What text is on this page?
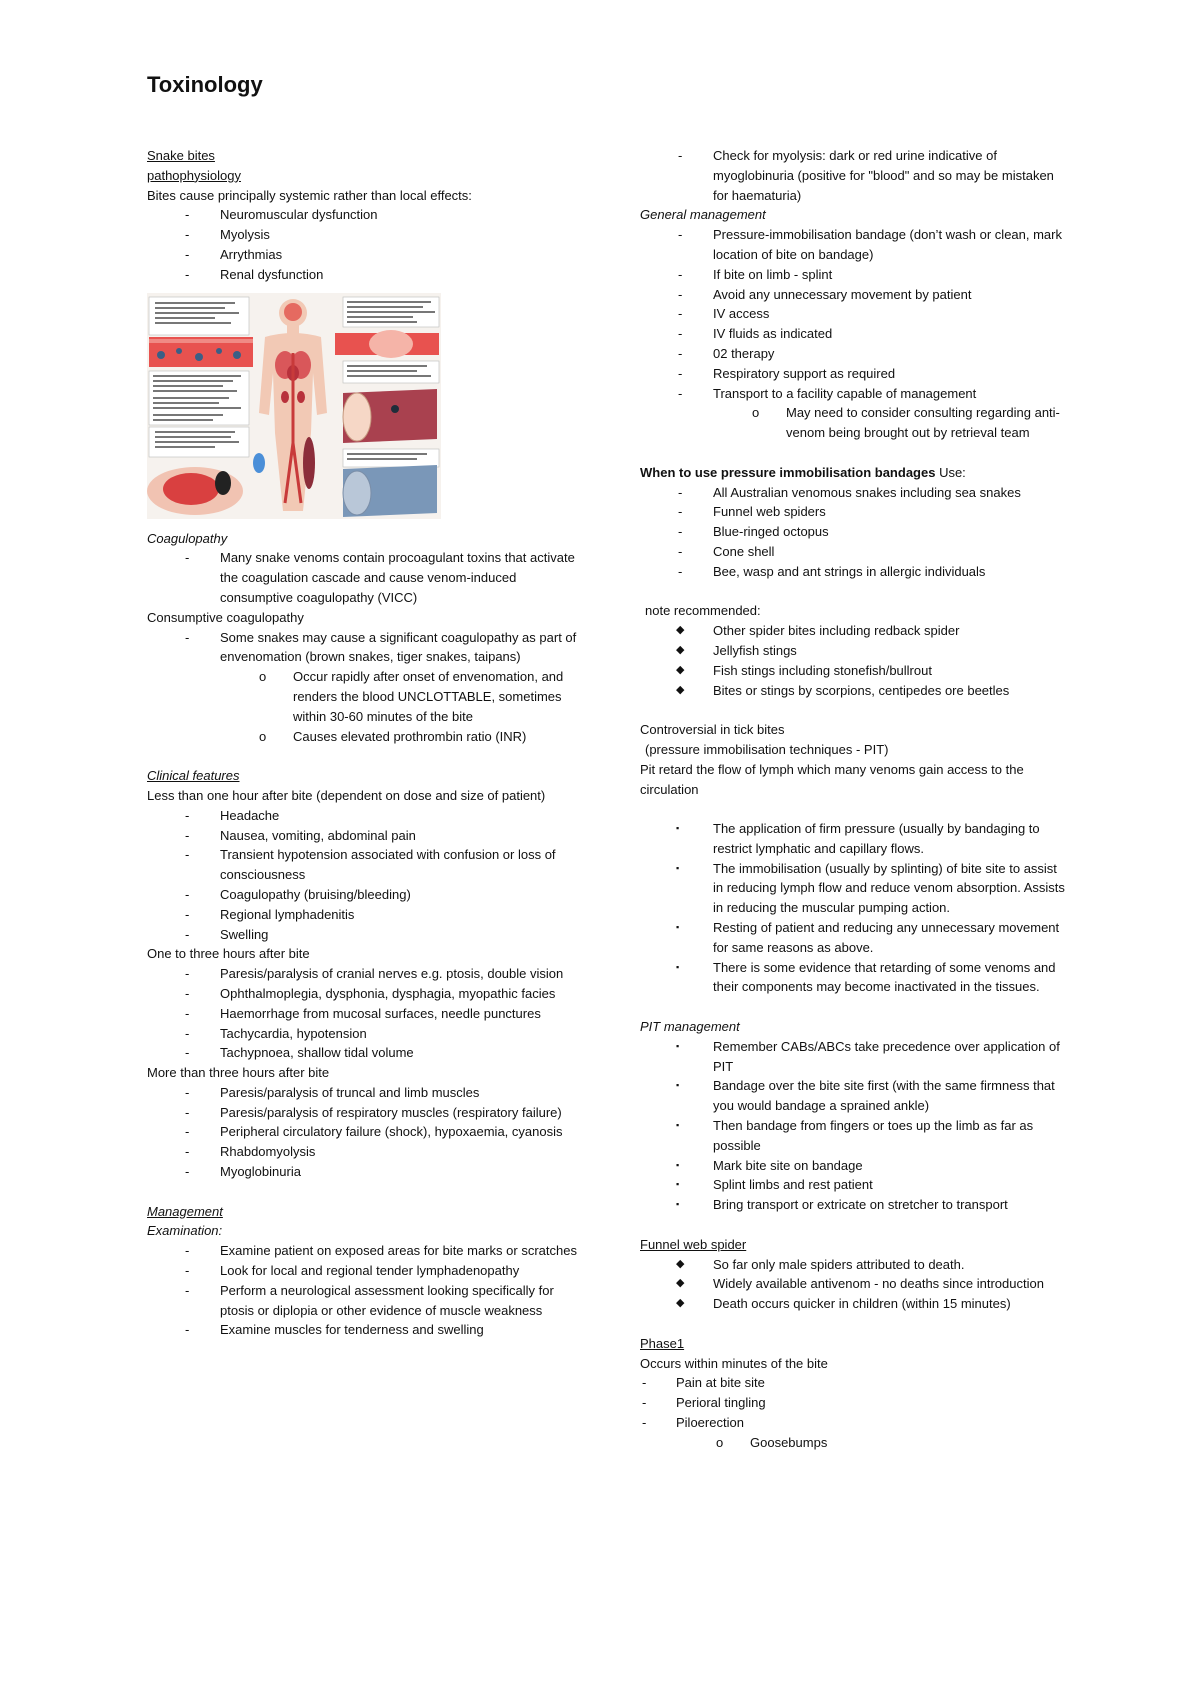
Toxinology
Snake bites
pathophysiology
Bites cause principally systemic rather than local effects:
- Neuromuscular dysfunction
- Myolysis
- Arrythmias
- Renal dysfunction
Coagulopathy
- Many snake venoms contain procoagulant toxins that activate the coagulation cascade and cause venom-induced consumptive coagulopathy (VICC)
Consumptive coagulopathy
- Some snakes may cause a significant coagulopathy as part of envenomation (brown snakes, tiger snakes, taipans)
o Occur rapidly after onset of envenomation, and renders the blood UNCLOTTABLE, sometimes within 30-60 minutes of the bite
o Causes elevated prothrombin ratio (INR)
Clinical features
Less than one hour after bite (dependent on dose and size of patient)
- Headache
- Nausea, vomiting, abdominal pain
- Transient hypotension associated with confusion or loss of consciousness
- Coagulopathy (bruising/bleeding)
- Regional lymphadenitis
- Swelling
One to three hours after bite
- Paresis/paralysis of cranial nerves e.g. ptosis, double vision
- Ophthalmoplegia, dysphonia, dysphagia, myopathic facies
- Haemorrhage from mucosal surfaces, needle punctures
- Tachycardia, hypotension
- Tachypnoea, shallow tidal volume
More than three hours after bite
- Paresis/paralysis of truncal and limb muscles
- Paresis/paralysis of respiratory muscles (respiratory failure)
- Peripheral circulatory failure (shock), hypoxaemia, cyanosis
- Rhabdomyolysis
- Myoglobinuria
Management
Examination:
- Examine patient on exposed areas for bite marks or scratches
- Look for local and regional tender lymphadenopathy
- Perform a neurological assessment looking specifically for ptosis or diplopia or other evidence of muscle weakness
- Examine muscles for tenderness and swelling
- Check for myolysis: dark or red urine indicative of myoglobinuria (positive for "blood" and so may be mistaken for haematuria)
General management
- Pressure-immobilisation bandage (don’t wash or clean, mark location of bite on bandage)
- If bite on limb - splint
- Avoid any unnecessary movement by patient
- IV access
- IV fluids as indicated
- 02 therapy
- Respiratory support as required
- Transport to a facility capable of management
o May need to consider consulting regarding anti-venom being brought out by retrieval team
When to use pressure immobilisation bandages Use:
- All Australian venomous snakes including sea snakes
- Funnel web spiders
- Blue-ringed octopus
- Cone shell
- Bee, wasp and ant strings in allergic individuals
note recommended:
◆ Other spider bites including redback spider
◆ Jellyfish stings
◆ Fish stings including stonefish/bullrout
◆ Bites or stings by scorpions, centipedes ore beetles
Controversial in tick bites
(pressure immobilisation techniques - PIT)
Pit retard the flow of lymph which many venoms gain access to the circulation
▪	The application of firm pressure (usually by bandaging to restrict lymphatic and capillary flows.
▪	The immobilisation (usually by splinting) of bite site to assist in reducing lymph flow and reduce venom absorption. Assists in reducing the muscular pumping action.
▪	Resting of patient and reducing any unnecessary movement for same reasons as above.
▪	There is some evidence that retarding of some venoms and their components may become inactivated in the tissues.
PIT management
▪	Remember CABs/ABCs take precedence over application of PIT
▪	Bandage over the bite site first (with the same firmness that you would bandage a sprained ankle)
▪	Then bandage from fingers or toes up the limb as far as possible
▪	Mark bite site on bandage
▪	Splint limbs and rest patient
▪	Bring transport or extricate on stretcher to transport
Funnel web spider
◆ So far only male spiders attributed to death.
◆ Widely available antivenom - no deaths since introduction
◆ Death occurs quicker in children (within 15 minutes)
Phase1
Occurs within minutes of the bite
- Pain at bite site
- Perioral tingling
- Piloerection
o Goosebumps
